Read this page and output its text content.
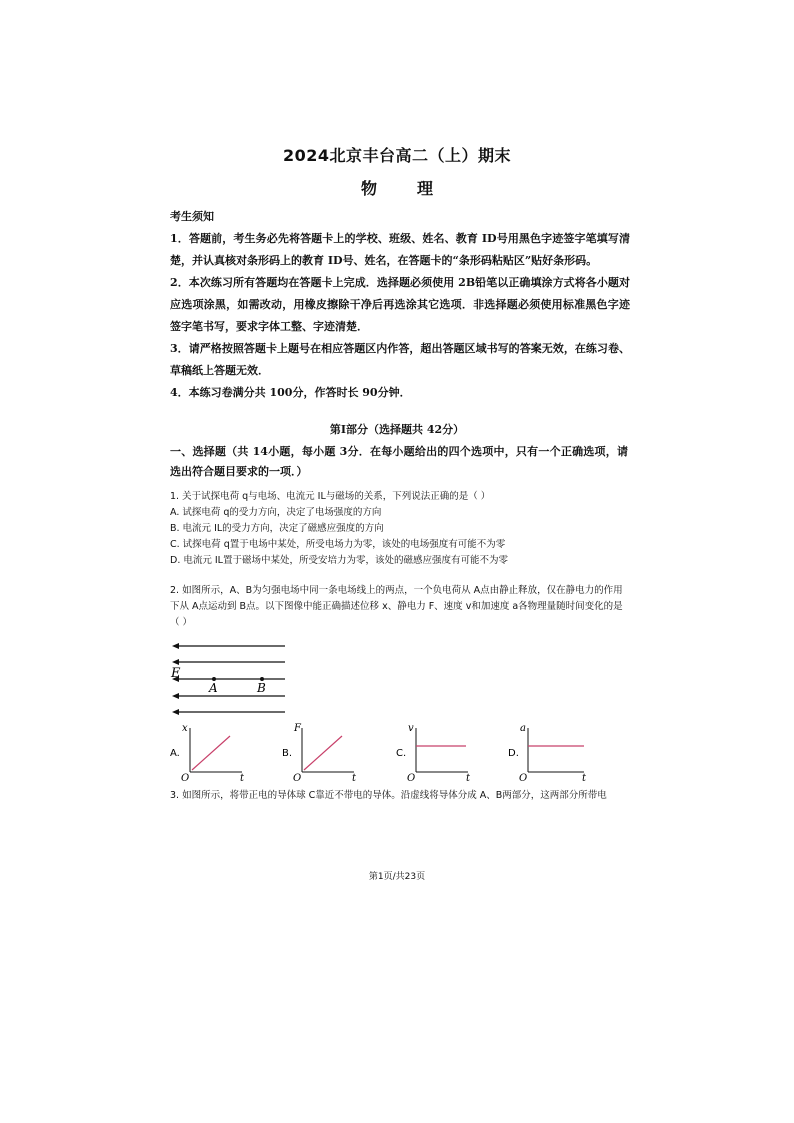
2024北京丰台高二（上）期末
物理
考生须知

1．答题前，考生务必先将答题卡上的学校、班级、姓名、教育 ID号用黑色字迹签字笔填写清楚，并认真核对条形码上的教育 ID号、姓名，在答题卡的“条形码粘贴区”贴好条形码。

2．本次练习所有答题均在答题卡上完成．选择题必须使用 2B铅笔以正确填涂方式将各小题对应选项涂黑，如需改动，用橡皮擦除干净后再选涂其它选项．非选择题必须使用标准黑色字迹签字笔书写，要求字体工整、字迹清楚．

3．请严格按照答题卡上题号在相应答题区内作答，超出答题区域书写的答案无效，在练习卷、草稿纸上答题无效．

4．本练习卷满分共 100分，作答时长 90分钟．

第I部分（选择题共 42分）
一、选择题（共 14小题，每小题 3分．在每小题给出的四个选项中，只有一个正确选项，请选出符合题目要求的一项．）

1. 关于试探电荷 q与电场、电流元 IL与磁场的关系，下列说法正确的是（ ）

A. 试探电荷 q的受力方向，决定了电场强度的方向

B. 电流元 IL的受力方向，决定了磁感应强度的方向

C. 试探电荷 q置于电场中某处，所受电场力为零，该处的电场强度有可能不为零

D. 电流元 IL置于磁场中某处，所受安培力为零，该处的磁感应强度有可能不为零

2. 如图所示，A、B为匀强电场中同一条电场线上的两点，一个负电荷从 A点由静止释放，仅在静电力的作用下从 A点运动到 B点。以下图像中能正确描述位移 x、静电力 F、速度 v和加速度 a各物理量随时间变化的是（ ）

E
A	B
A.
x
t
O
B.
F
t
O
C.
v
t
O
D.
a
t
O

3. 如图所示，将带正电的导体球 C靠近不带电的导体。沿虚线将导体分成 A、B两部分，这两部分所带电

第1页/共23页
